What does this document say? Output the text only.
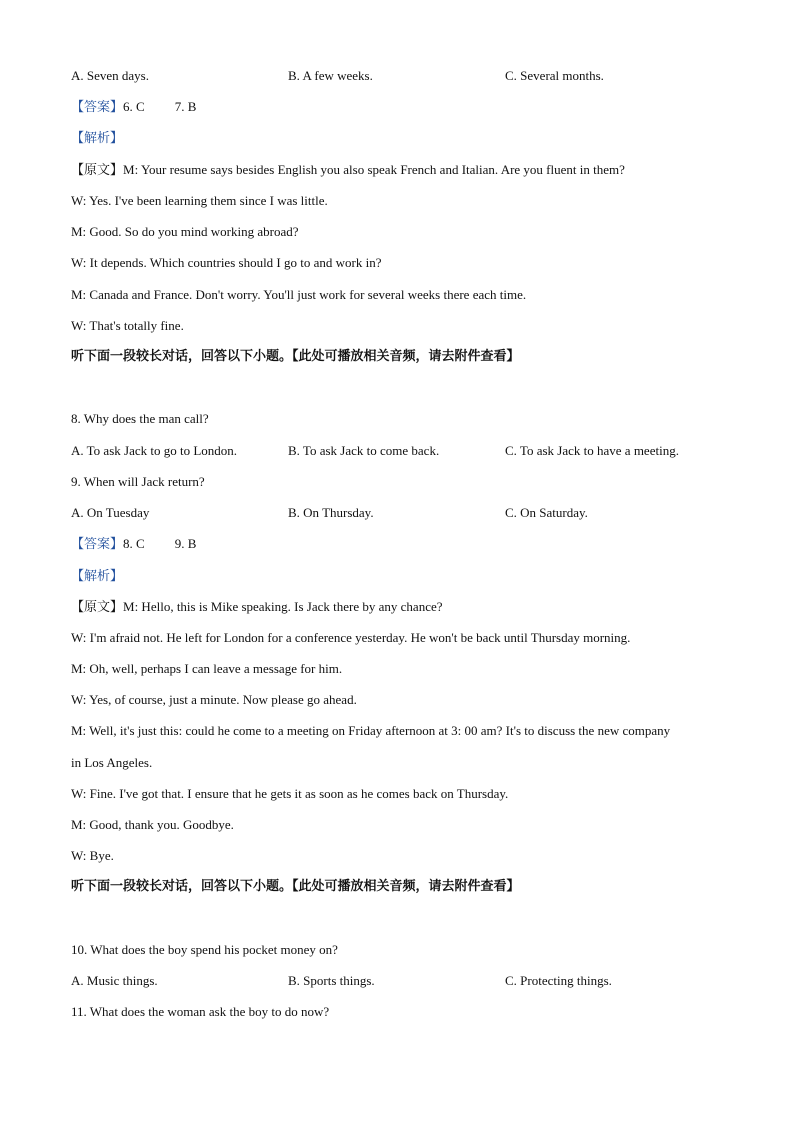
A. Seven days.	B. A few weeks.	C. Several months.
【答案】6. C 7. B
【解析】
【原文】M: Your resume says besides English you also speak French and Italian. Are you fluent in them?
W: Yes. I've been learning them since I was little.
M: Good. So do you mind working abroad?
W: It depends. Which countries should I go to and work in?
M: Canada and France. Don't worry. You'll just work for several weeks there each time.
W: That's totally fine.
听下面一段较长对话，回答以下小题。【此处可播放相关音频，请去附件查看】
8. Why does the man call?
A. To ask Jack to go to London.	B. To ask Jack to come back.	C. To ask Jack to have a meeting.
9. When will Jack return?
A. On Tuesday	B. On Thursday.	C. On Saturday.
【答案】8. C 9. B
【解析】
【原文】M: Hello, this is Mike speaking. Is Jack there by any chance?
W: I'm afraid not. He left for London for a conference yesterday. He won't be back until Thursday morning.
M: Oh, well, perhaps I can leave a message for him.
W: Yes, of course, just a minute. Now please go ahead.
M: Well, it's just this: could he come to a meeting on Friday afternoon at 3: 00 am? It's to discuss the new company
in Los Angeles.
W: Fine. I've got that. I ensure that he gets it as soon as he comes back on Thursday.
M: Good, thank you. Goodbye.
W: Bye.
听下面一段较长对话，回答以下小题。【此处可播放相关音频，请去附件查看】
10. What does the boy spend his pocket money on?
A. Music things.	B. Sports things.	C. Protecting things.
11. What does the woman ask the boy to do now?
